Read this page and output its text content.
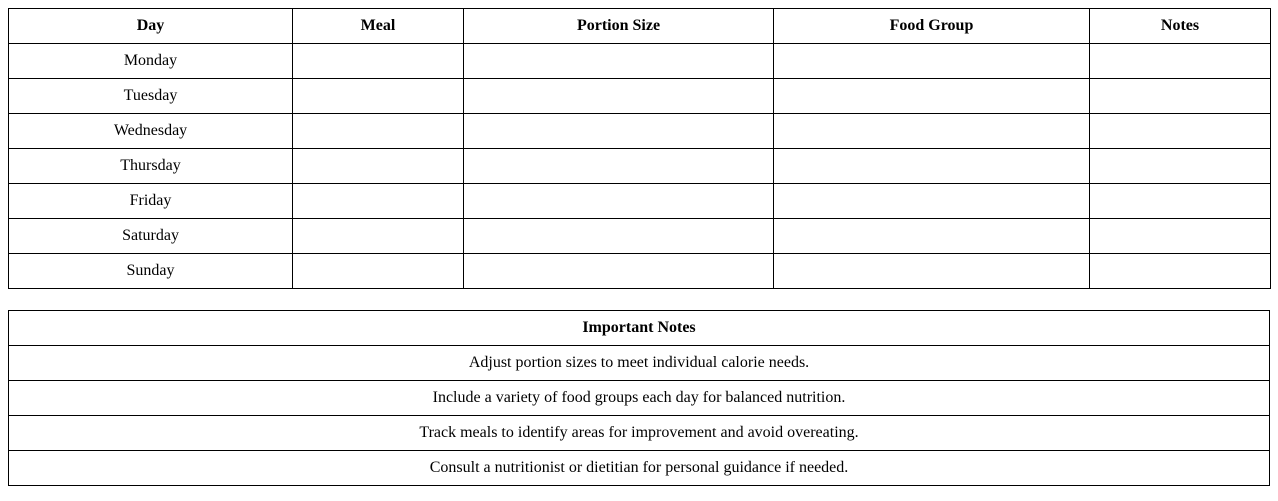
Day	Meal	Portion Size	Food Group	Notes
Monday				
Tuesday				
Wednesday				
Thursday				
Friday				
Saturday				
Sunday				
Important Notes
Adjust portion sizes to meet individual calorie needs.
Include a variety of food groups each day for balanced nutrition.
Track meals to identify areas for improvement and avoid overeating.
Consult a nutritionist or dietitian for personal guidance if needed.
